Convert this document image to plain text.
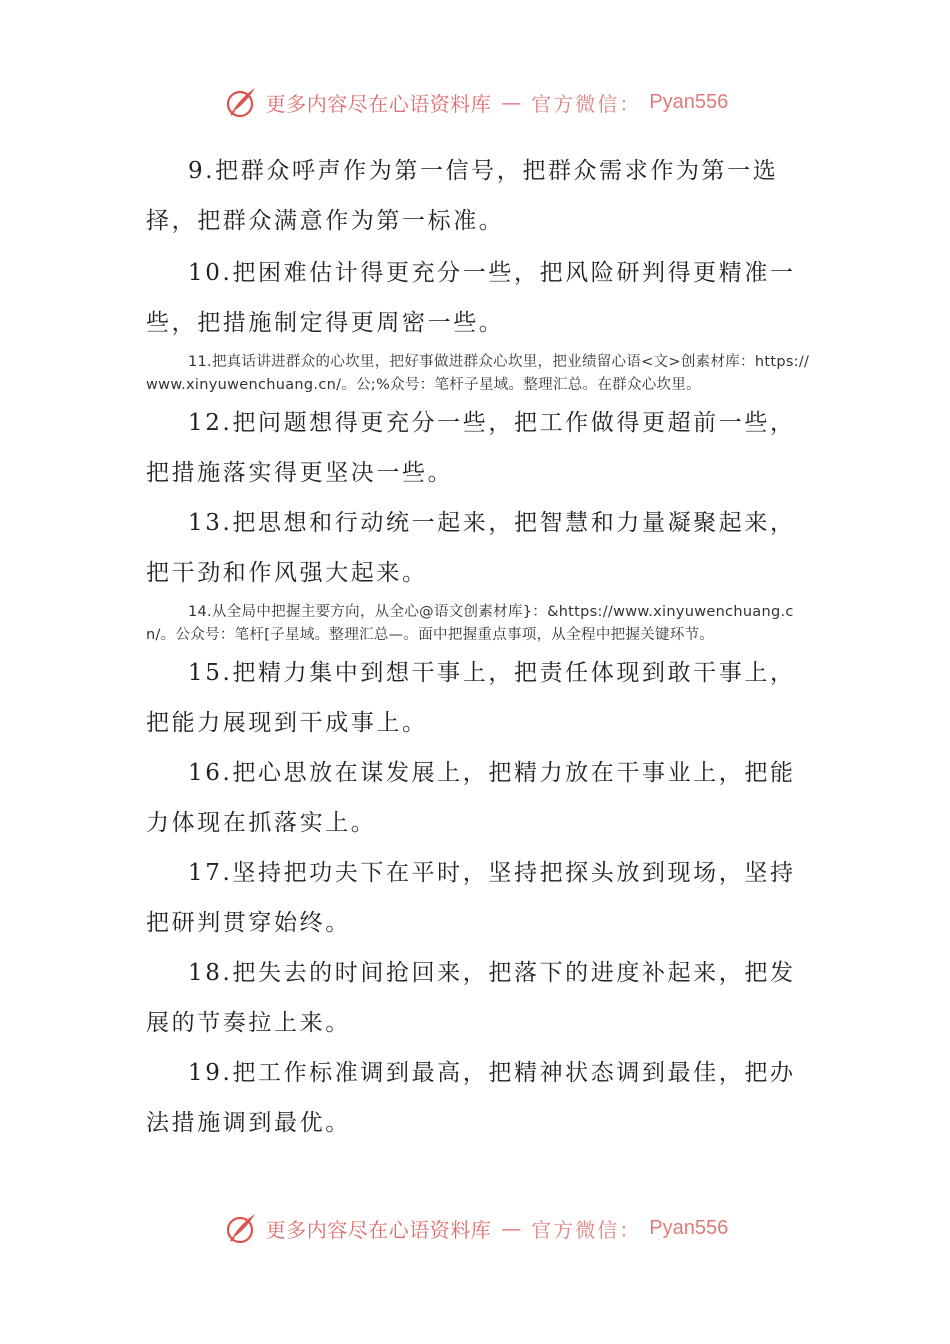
更多内容尽在心语资料库 — 官方微信： Pyan556

9.把群众呼声作为第一信号，把群众需求作为第一选择，把群众满意作为第一标准。

10.把困难估计得更充分一些，把风险研判得更精准一些，把措施制定得更周密一些。

11.把真话讲进群众的心坎里，把好事做进群众心坎里，把业绩留心语<文>创素材库：https://www.xinyuwenchuang.cn/。公;%众号：笔杆子星域。整理汇总。在群众心坎里。

12.把问题想得更充分一些，把工作做得更超前一些，把措施落实得更坚决一些。

13.把思想和行动统一起来，把智慧和力量凝聚起来，把干劲和作风强大起来。

14.从全局中把握主要方向，从全心@语文创素材库}：&https://www.xinyuwenchuang.cn/。公众号：笔杆[子星域。整理汇总—。面中把握重点事项，从全程中把握关键环节。

15.把精力集中到想干事上，把责任体现到敢干事上，把能力展现到干成事上。

16.把心思放在谋发展上，把精力放在干事业上，把能力体现在抓落实上。

17.坚持把功夫下在平时，坚持把探头放到现场，坚持把研判贯穿始终。

18.把失去的时间抢回来，把落下的进度补起来，把发展的节奏拉上来。

19.把工作标准调到最高，把精神状态调到最佳，把办法措施调到最优。

更多内容尽在心语资料库 — 官方微信： Pyan556
